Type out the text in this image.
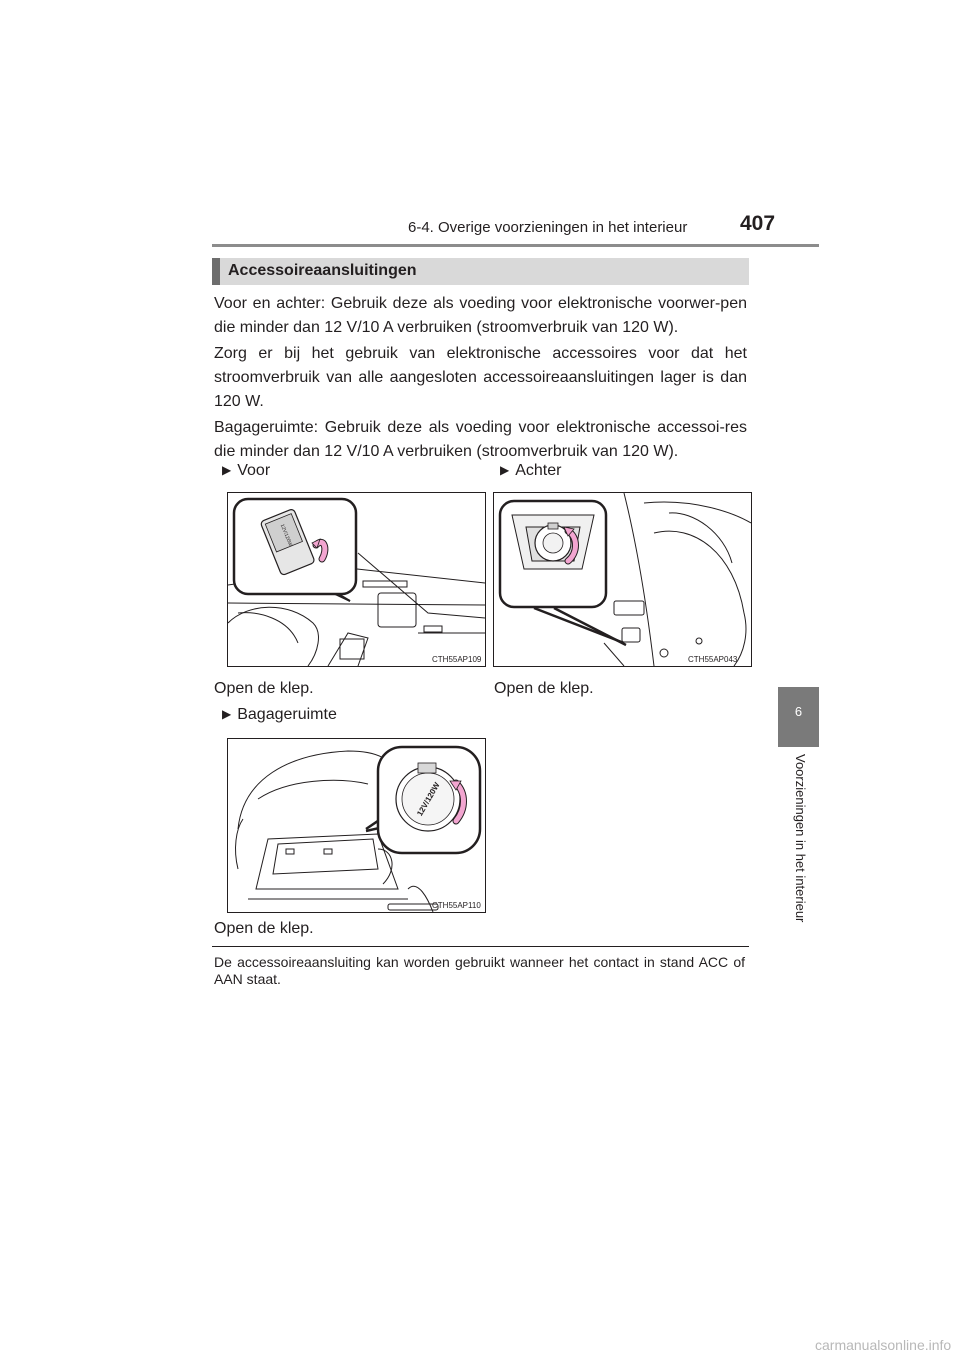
6-4. Overige voorzieningen in het interieur	407
6
Voorzieningen in het interieur
Accessoireaansluitingen
Voor en achter: Gebruik deze als voeding voor elektronische voorwer-pen die minder dan 12 V/10 A verbruiken (stroomverbruik van 120 W).
Zorg er bij het gebruik van elektronische accessoires voor dat het stroomverbruik van alle aangesloten accessoireaansluitingen lager is dan 120 W.
Bagageruimte: Gebruik deze als voeding voor elektronische accessoi-res die minder dan 12 V/10 A verbruiken (stroomverbruik van 120 W).
▶ Voor	▶ Achter
12V/120W
CTH55AP109	CTH55AP043
Open de klep.	Open de klep.
▶ Bagageruimte
12V/120W
CTH55AP110
Open de klep.
De accessoireaansluiting kan worden gebruikt wanneer het contact in stand ACC of AAN staat.
carmanualsonline.info
